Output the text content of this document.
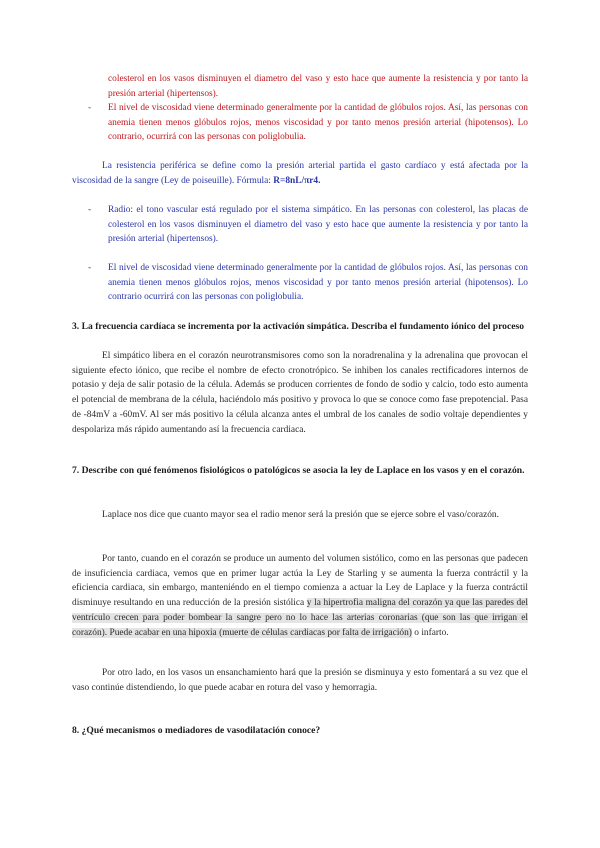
colesterol en los vasos disminuyen el diametro del vaso y esto hace que aumente la resistencia y por tanto la presión arterial (hipertensos).

- El nivel de viscosidad viene determinado generalmente por la cantidad de glóbulos rojos. Así, las personas con anemia tienen menos glóbulos rojos, menos viscosidad y por tanto menos presión arterial (hipotensos). Lo contrario, ocurrirá con las personas con poliglobulia.

La resistencia periférica se define como la presión arterial partida el gasto cardíaco y está afectada por la viscosidad de la sangre (Ley de poiseuille). Fórmula: R=8nL/πr4.

- Radio: el tono vascular está regulado por el sistema simpático. En las personas con colesterol, las placas de colesterol en los vasos disminuyen el diametro del vaso y esto hace que aumente la resistencia y por tanto la presión arterial (hipertensos).
- El nivel de viscosidad viene determinado generalmente por la cantidad de glóbulos rojos. Así, las personas con anemia tienen menos glóbulos rojos, menos viscosidad y por tanto menos presión arterial (hipotensos). Lo contrario ocurrirá con las personas con poliglobulia.
3. La frecuencia cardíaca se incrementa por la activación simpática. Describa el fundamento iónico del proceso

El simpático libera en el corazón neurotransmisores como son la noradrenalina y la adrenalina que provocan el siguiente efecto iónico, que recibe el nombre de efecto cronotrópico. Se inhiben los canales rectificadores internos de potasio y deja de salir potasio de la célula. Además se producen corrientes de fondo de sodio y calcio, todo esto aumenta el potencial de membrana de la célula, haciéndolo más positivo y provoca lo que se conoce como fase prepotencial. Pasa de -84mV a -60mV. Al ser más positivo la célula alcanza antes el umbral de los canales de sodio voltaje dependientes y despolariza más rápido aumentando así la frecuencia cardiaca.

7. Describe con qué fenómenos fisiológicos o patológicos se asocia la ley de Laplace en los vasos y en el corazón.

Laplace nos dice que cuanto mayor sea el radio menor será la presión que se ejerce sobre el vaso/corazón.

Por tanto, cuando en el corazón se produce un aumento del volumen sistólico, como en las personas que padecen de insuficiencia cardiaca, vemos que en primer lugar actúa la Ley de Starling y se aumenta la fuerza contráctil y la eficiencia cardiaca, sin embargo, manteniéndo en el tiempo comienza a actuar la Ley de Laplace y la fuerza contráctil disminuye resultando en una reducción de la presión sistólica y la hipertrofia maligna del corazón ya que las paredes del ventrículo crecen para poder bombear la sangre pero no lo hace las arterias coronarias (que son las que irrigan el corazón). Puede acabar en una hipoxia (muerte de células cardiacas por falta de irrigación) o infarto.

Por otro lado, en los vasos un ensanchamiento hará que la presión se disminuya y esto fomentará a su vez que el vaso continúe distendiendo, lo que puede acabar en rotura del vaso y hemorragia.

8. ¿Qué mecanismos o mediadores de vasodilatación conoce?
